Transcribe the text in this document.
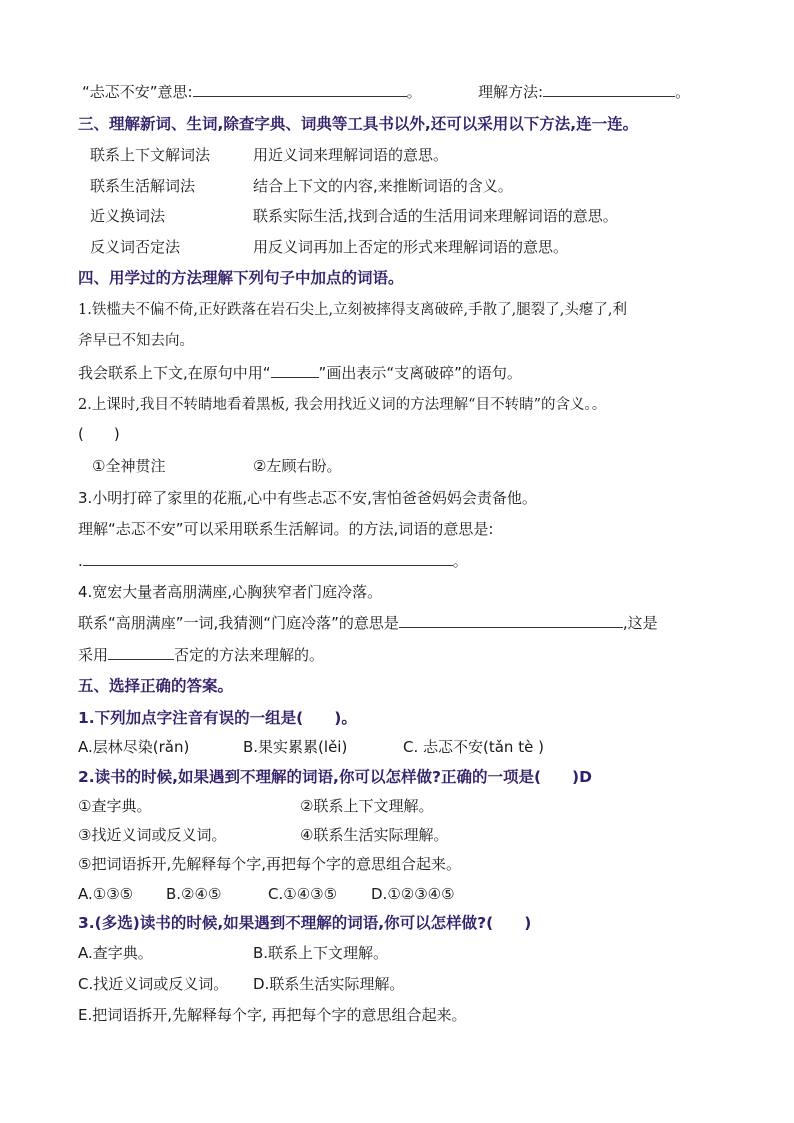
“忐忑不安”意思:	。	理解方法:	。
三、理解新词、生词,除查字典、词典等工具书以外,还可以采用以下方法,连一连。
联系上下文解词法	用近义词来理解词语的意思。
联系生活解词法	结合上下文的内容,来推断词语的含义。
近义换词法	联系实际生活,找到合适的生活用词来理解词语的意思。
反义词否定法	用反义词再加上否定的形式来理解词语的意思。
四、用学过的方法理解下列句子中加点的词语。
1.铁槛夫不偏不倚,正好跌落在岩石尖上,立刻被摔得支离破碎,手散了,腿裂了,头瘪了,利
斧早已不知去向。
我会联系上下文,在原句中用“	”画出表示“支离破碎”的语句。
2.上课时,我目不转睛地看着黑板, 我会用找近义词的方法理解“目不转睛”的含义。。
(　　)
①全神贯注	②左顾右盼。
3.小明打碎了家里的花瓶,心中有些忐忑不安,害怕爸爸妈妈会责备他。
理解“忐忑不安”可以采用联系生活解词。的方法,词语的意思是:
.	。
4.宽宏大量者高朋满座,心胸狭窄者门庭冷落。
联系“高朋满座”一词,我猜测“门庭冷落”的意思是	,这是
采用	否定的方法来理解的。
五、选择正确的答案。
1.下列加点字注音有误的一组是(　　)。
A.层林尽染(rǎn)	B.果实累累(lěi)	C. 忐忑不安(tǎn tè )
2.读书的时候,如果遇到不理解的词语,你可以怎样做?正确的一项是(　　)D
①查字典。	②联系上下文理解。
③找近义词或反义词。	④联系生活实际理解。
⑤把词语拆开,先解释每个字,再把每个字的意思组合起来。
A.①③⑤ B.②④⑤	C.①④③⑤ D.①②③④⑤
3.(多选)读书的时候,如果遇到不理解的词语,你可以怎样做?(　　)
A.查字典。	B.联系上下文理解。
C.找近义词或反义词。 D.联系生活实际理解。
E.把词语拆开,先解释每个字, 再把每个字的意思组合起来。
